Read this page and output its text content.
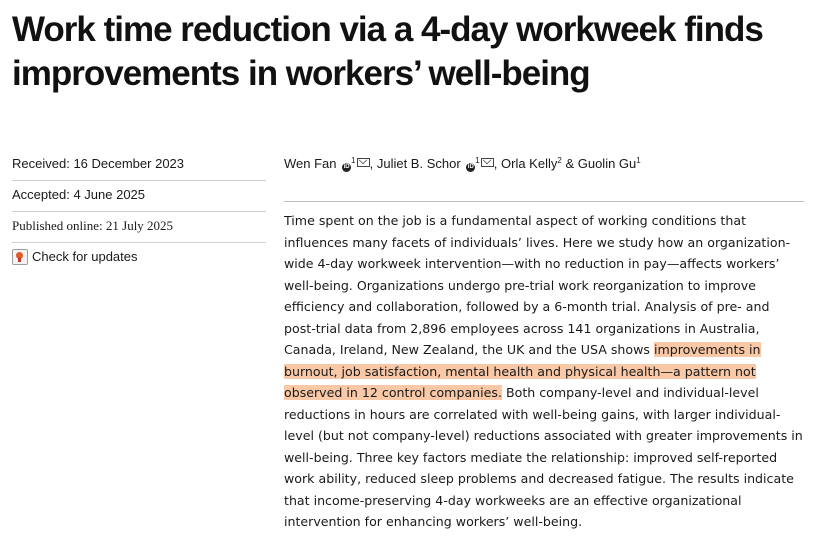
Work time reduction via a 4-day workweek finds improvements in workers’ well-being
Received: 16 December 2023
Accepted: 4 June 2025
Published online: 21 July 2025
Check for updates
Wen Fan $iD^1$ , Juliet B. Schor $iD^1$ , Orla Kelly$^2$ & Guolin Gu$^1$

Time spent on the job is a fundamental aspect of working conditions that influences many facets of individuals’ lives. Here we study how an organization-wide 4-day workweek intervention—with no reduction in pay—affects workers’ well-being. Organizations undergo pre-trial work reorganization to improve efficiency and collaboration, followed by a 6-month trial. Analysis of pre- and post-trial data from 2,896 employees across 141 organizations in Australia, Canada, Ireland, New Zealand, the UK and the USA shows improvements in burnout, job satisfaction, mental health and physical health—a pattern not observed in 12 control companies. Both company-level and individual-level reductions in hours are correlated with well-being gains, with larger individual-level (but not company-level) reductions associated with greater improvements in well-being. Three key factors mediate the relationship: improved self-reported work ability, reduced sleep problems and decreased fatigue. The results indicate that income-preserving 4-day workweeks are an effective organizational intervention for enhancing workers’ well-being.
